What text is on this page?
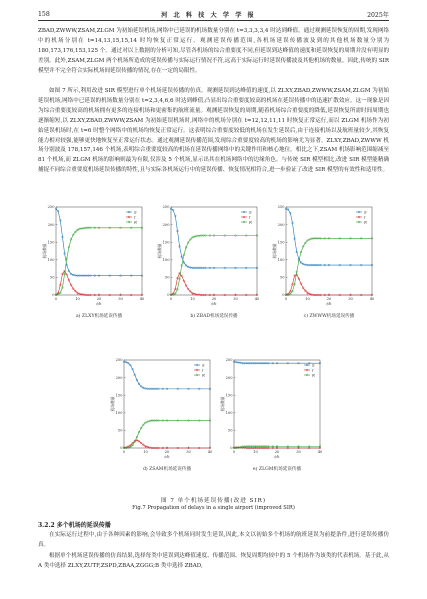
158	河 北 科 技 大 学 学 报	2025年

ZBAD,ZWWW,ZSAM,ZLGM 为初始延误机场,网络中已延误的机场数量分别在 t=3,3,3,3,4 时达到峰值。通过观测延误恢复的周期,发现网络中的机场分别在 t=14,13,15,15,14 时均恢复正常运行。观测延误传播范围,各机场延误传播波及到的其他机场数量分别为 180,173,176,153,125 个。通过对以上数据的分析可知,尽管各机场的综合重要度不同,但延误到达峰值的速度和延误恢复的周期并没有明显的差别。此外,ZSAM,ZLGM 两个机场所造成的延误传播与实际运行情况不符,远高于实际运行时延误传播波及其他机场的数量。因此,传统的 SIR 模型并不完全符合实际机场间延误传播的情况,存在一定的局限性。

如图 7 所示,利用改进 SIR 模型进行单个机场延误传播的仿真。观测延误到达峰值的速度,以 ZLXY,ZBAD,ZWWW,ZSAM,ZLGM 为初始延误机场,网络中已延误的机场数量分别在 t=2,3,4,6,6 时达到峰值,凸显出综合重要度较高的机场在延误传播中的迅速扩散效应。这一现象是因为综合重要度较高的机场拥有更多的连接机场和更密集的航班流量。观测延误恢复的周期,随着机场综合重要度的降低,延误恢复所需时间周期也逐渐缩短,以 ZLXY,ZBAD,ZWWW,ZSAM 为初始延误机场时,网络中的机场分别在 t=12,12,11,11 时恢复正常运行,而以 ZLGM 机场作为初始延误机场时,在 t=6 时整个网络中的机场均恢复正常运行。这表明综合重要度较低的机场在发生延误后,由于连接机场以及航班量较少,其恢复能力相对较强,能够更快地恢复至正常运行状态。通过观测延误传播范围,发现综合重要度较高的机场的影响尤为显著。ZLXY,ZBAD,ZWWW 机场分别波及 178,157,146 个机场,表明综合重要度较高的机场在延误传播网络中的关键作用和核心地位。相比之下,ZSAM 机场影响范围缩减至 81 个机场,而 ZLGM 机场的影响则最为有限,仅涉及 5 个机场,显示出其在机场网络中的边缘角色。与传统 SIR 模型相比,改进 SIR 模型能精确捕捉不同综合重要度机场延误传播的特性,且与实际各机场运行中的延误传播、恢复情况相符合,进一步验证了改进 SIR 模型的有效性和适用性。

0
50
100
150
200
250
0	10	20	30	40
t/h
机场数量
S
I
R
a) ZLXY机场延误传播
0
50
100
150
200
250
0	10	20	30	40
t/h
机场数量
S
I
R
b) ZBAD机场延误传播
0
50
100
150
200
250
0	10	20	30	40
t/h
机场数量
S
I
R
c) ZWWW机场延误传播
0
50
100
150
200
250
0	10	20	30	40
t/h
机场数量
S
I
R
d) ZSAM机场延误传播
0
50
100
150
200
250
0	10	20	30	40
t/h
机场数量
S
I
R
e) ZLGM机场延误传播
图 7 单个机场延误传播(改进 SIR)
Fig.7 Propagation of delays in a single airport (improved SIR)
3.2.2 多个机场的延误传播

在实际运行过程中,由于各种因素的影响,会导致多个机场同时发生延误,因此,本文以初始多个机场的航班延误为前提条件,进行延误传播仿真。

根据单个机场延误传播的仿真结果,选择每类中延误到达峰值速度、传播范围、恢复周期均较中的 5 个机场作为该类的代表机场。基于此,从 A 类中选择 ZLXY,ZUTF,ZSPD,ZBAA,ZGGG;B 类中选择 ZBAD,
